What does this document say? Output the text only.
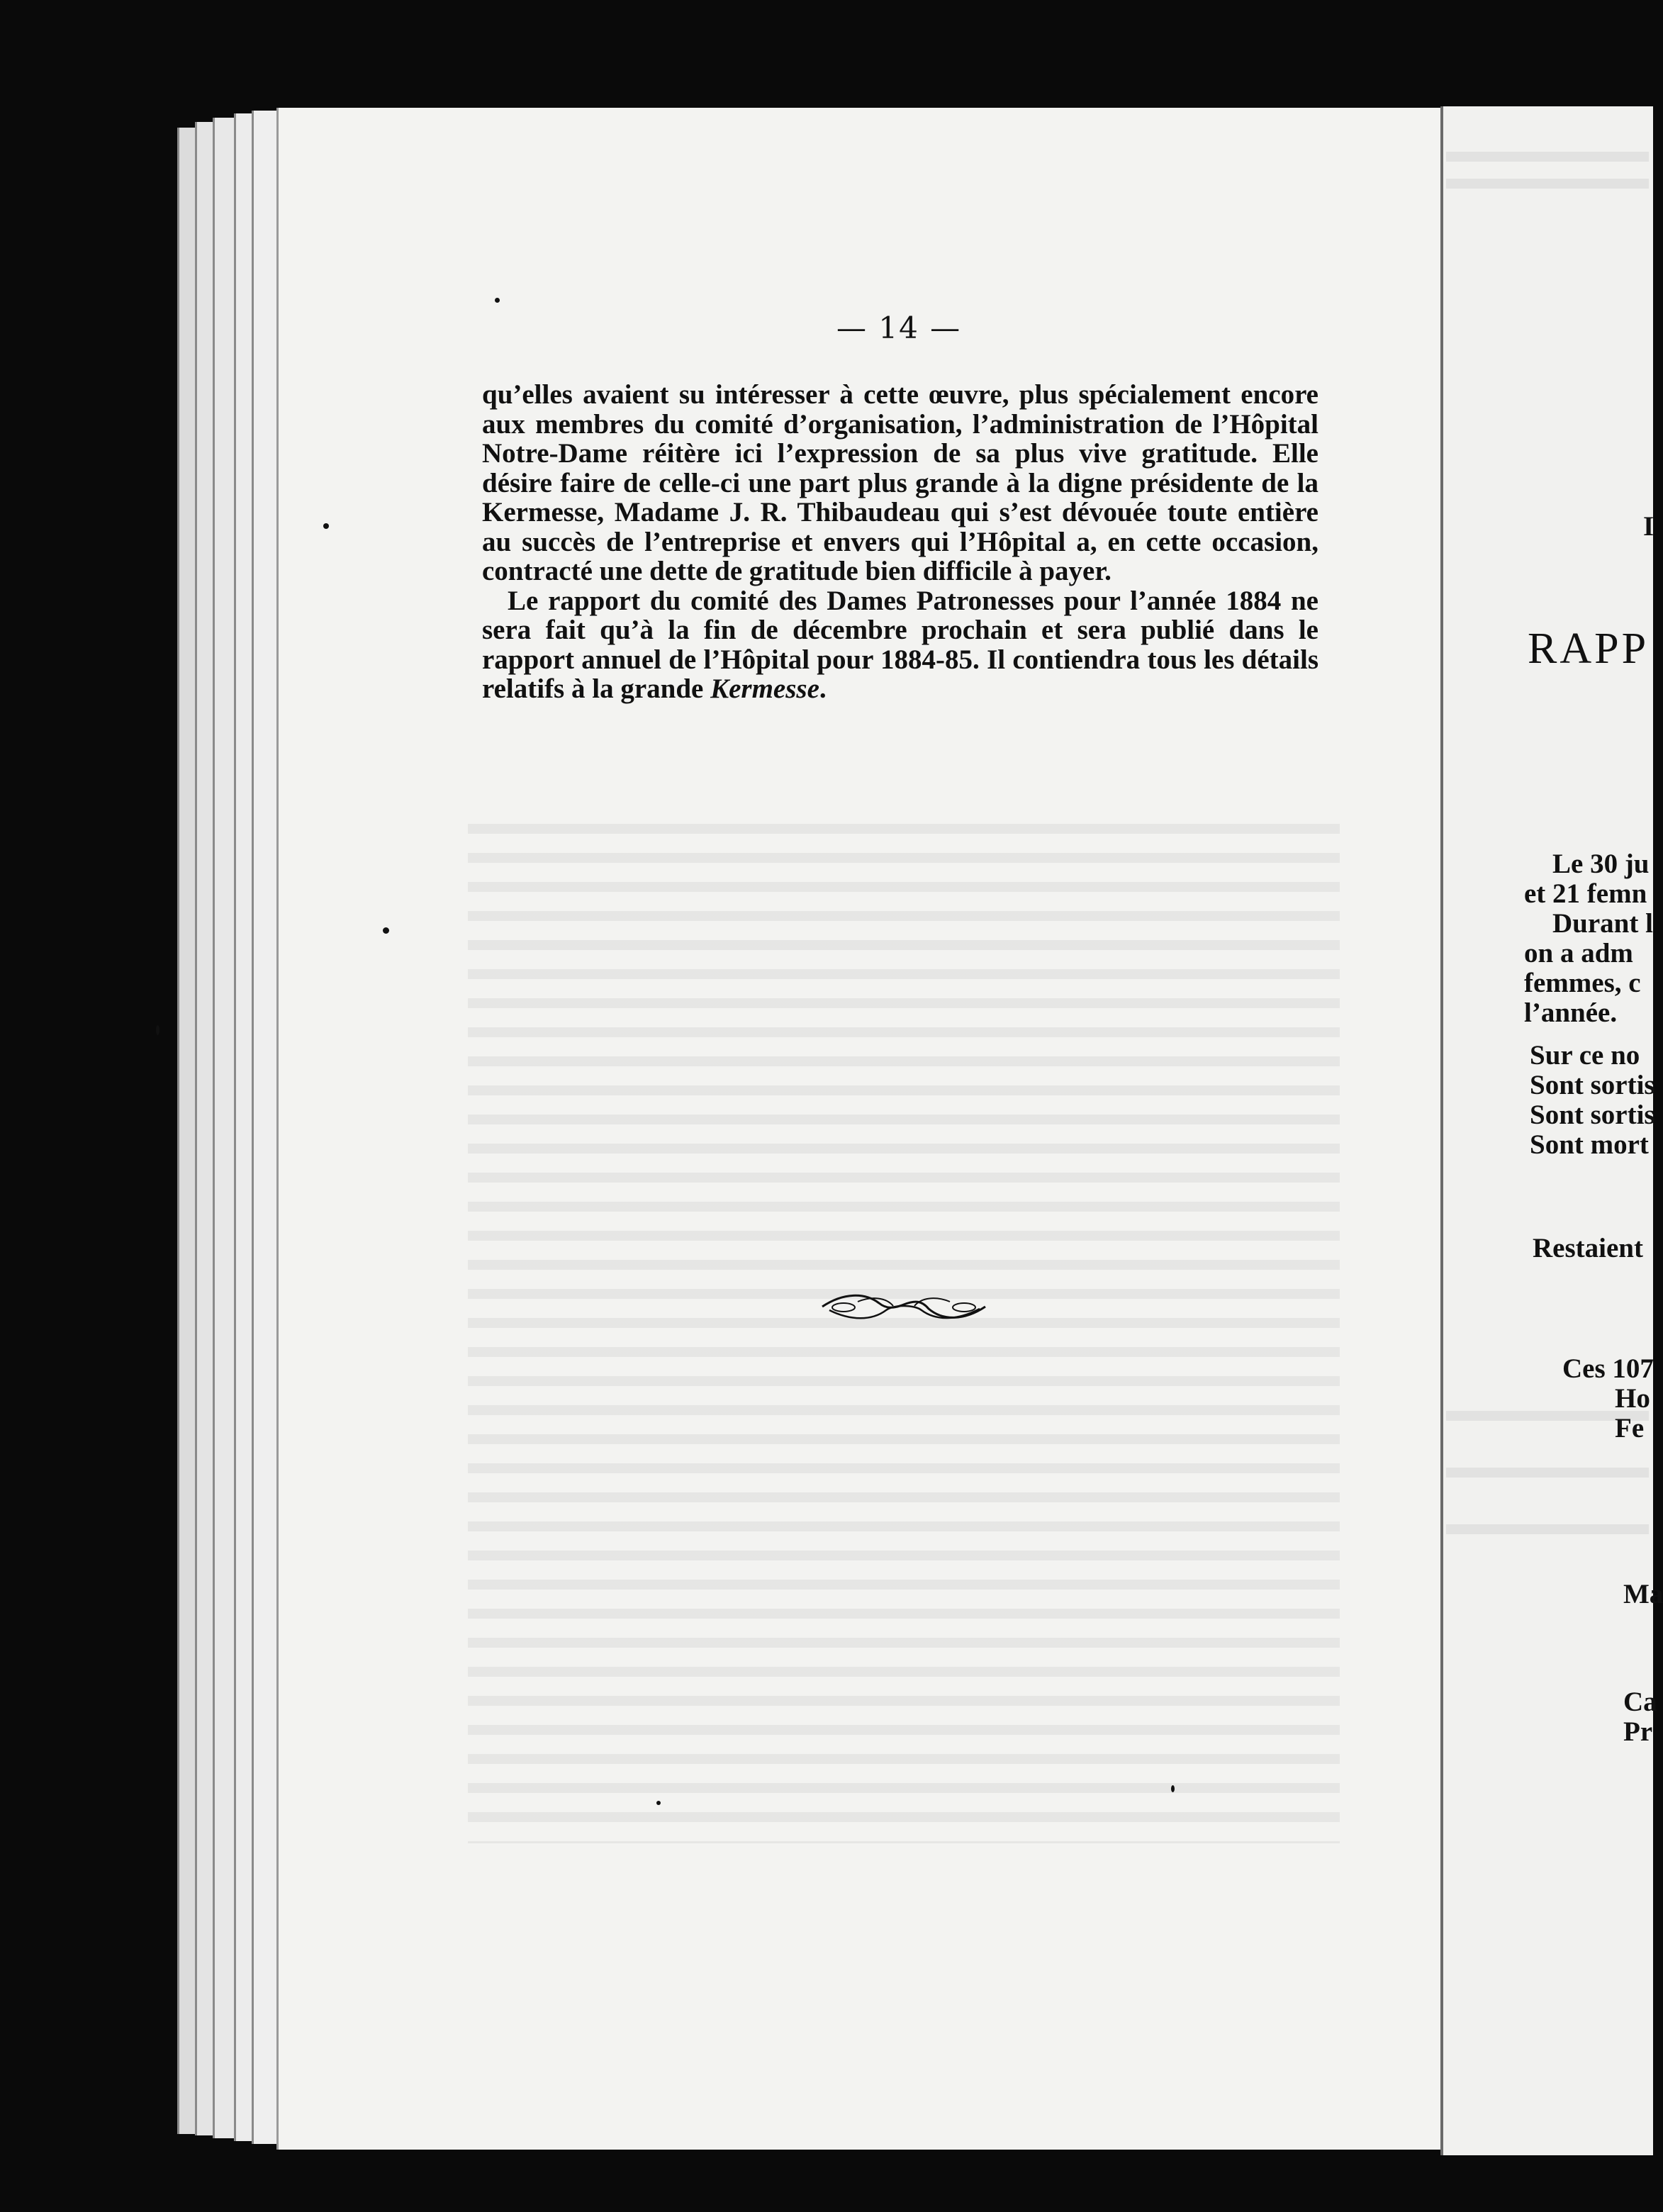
— 14 —

qu’elles avaient su intéresser à cette œuvre, plus spécialement encore aux membres du comité d’organisation, l’administration de l’Hôpital Notre-Dame réitère ici l’expression de sa plus vive gratitude. Elle désire faire de celle-ci une part plus grande à la digne présidente de la Kermesse, Madame J. R. Thibaudeau qui s’est dévouée toute entière au succès de l’entreprise et envers qui l’Hôpital a, en cette occasion, contracté une dette de gratitude bien difficile à payer.

Le rapport du comité des Dames Patronesses pour l’année 1884 ne sera fait qu’à la fin de décembre prochain et sera publié dans le rapport annuel de l’Hôpital pour 1884-85. Il contiendra tous les détails relatifs à la grande Kermesse.

I
RAPP
Le 30 ju
et 21 femn
Durant l
on a adm
femmes, c
l’année.
Sur ce no
Sont sortis
Sont sortis
Sont mort
Restaient
Ces 107
Ho
Fe
Ma
Ca
Pr
